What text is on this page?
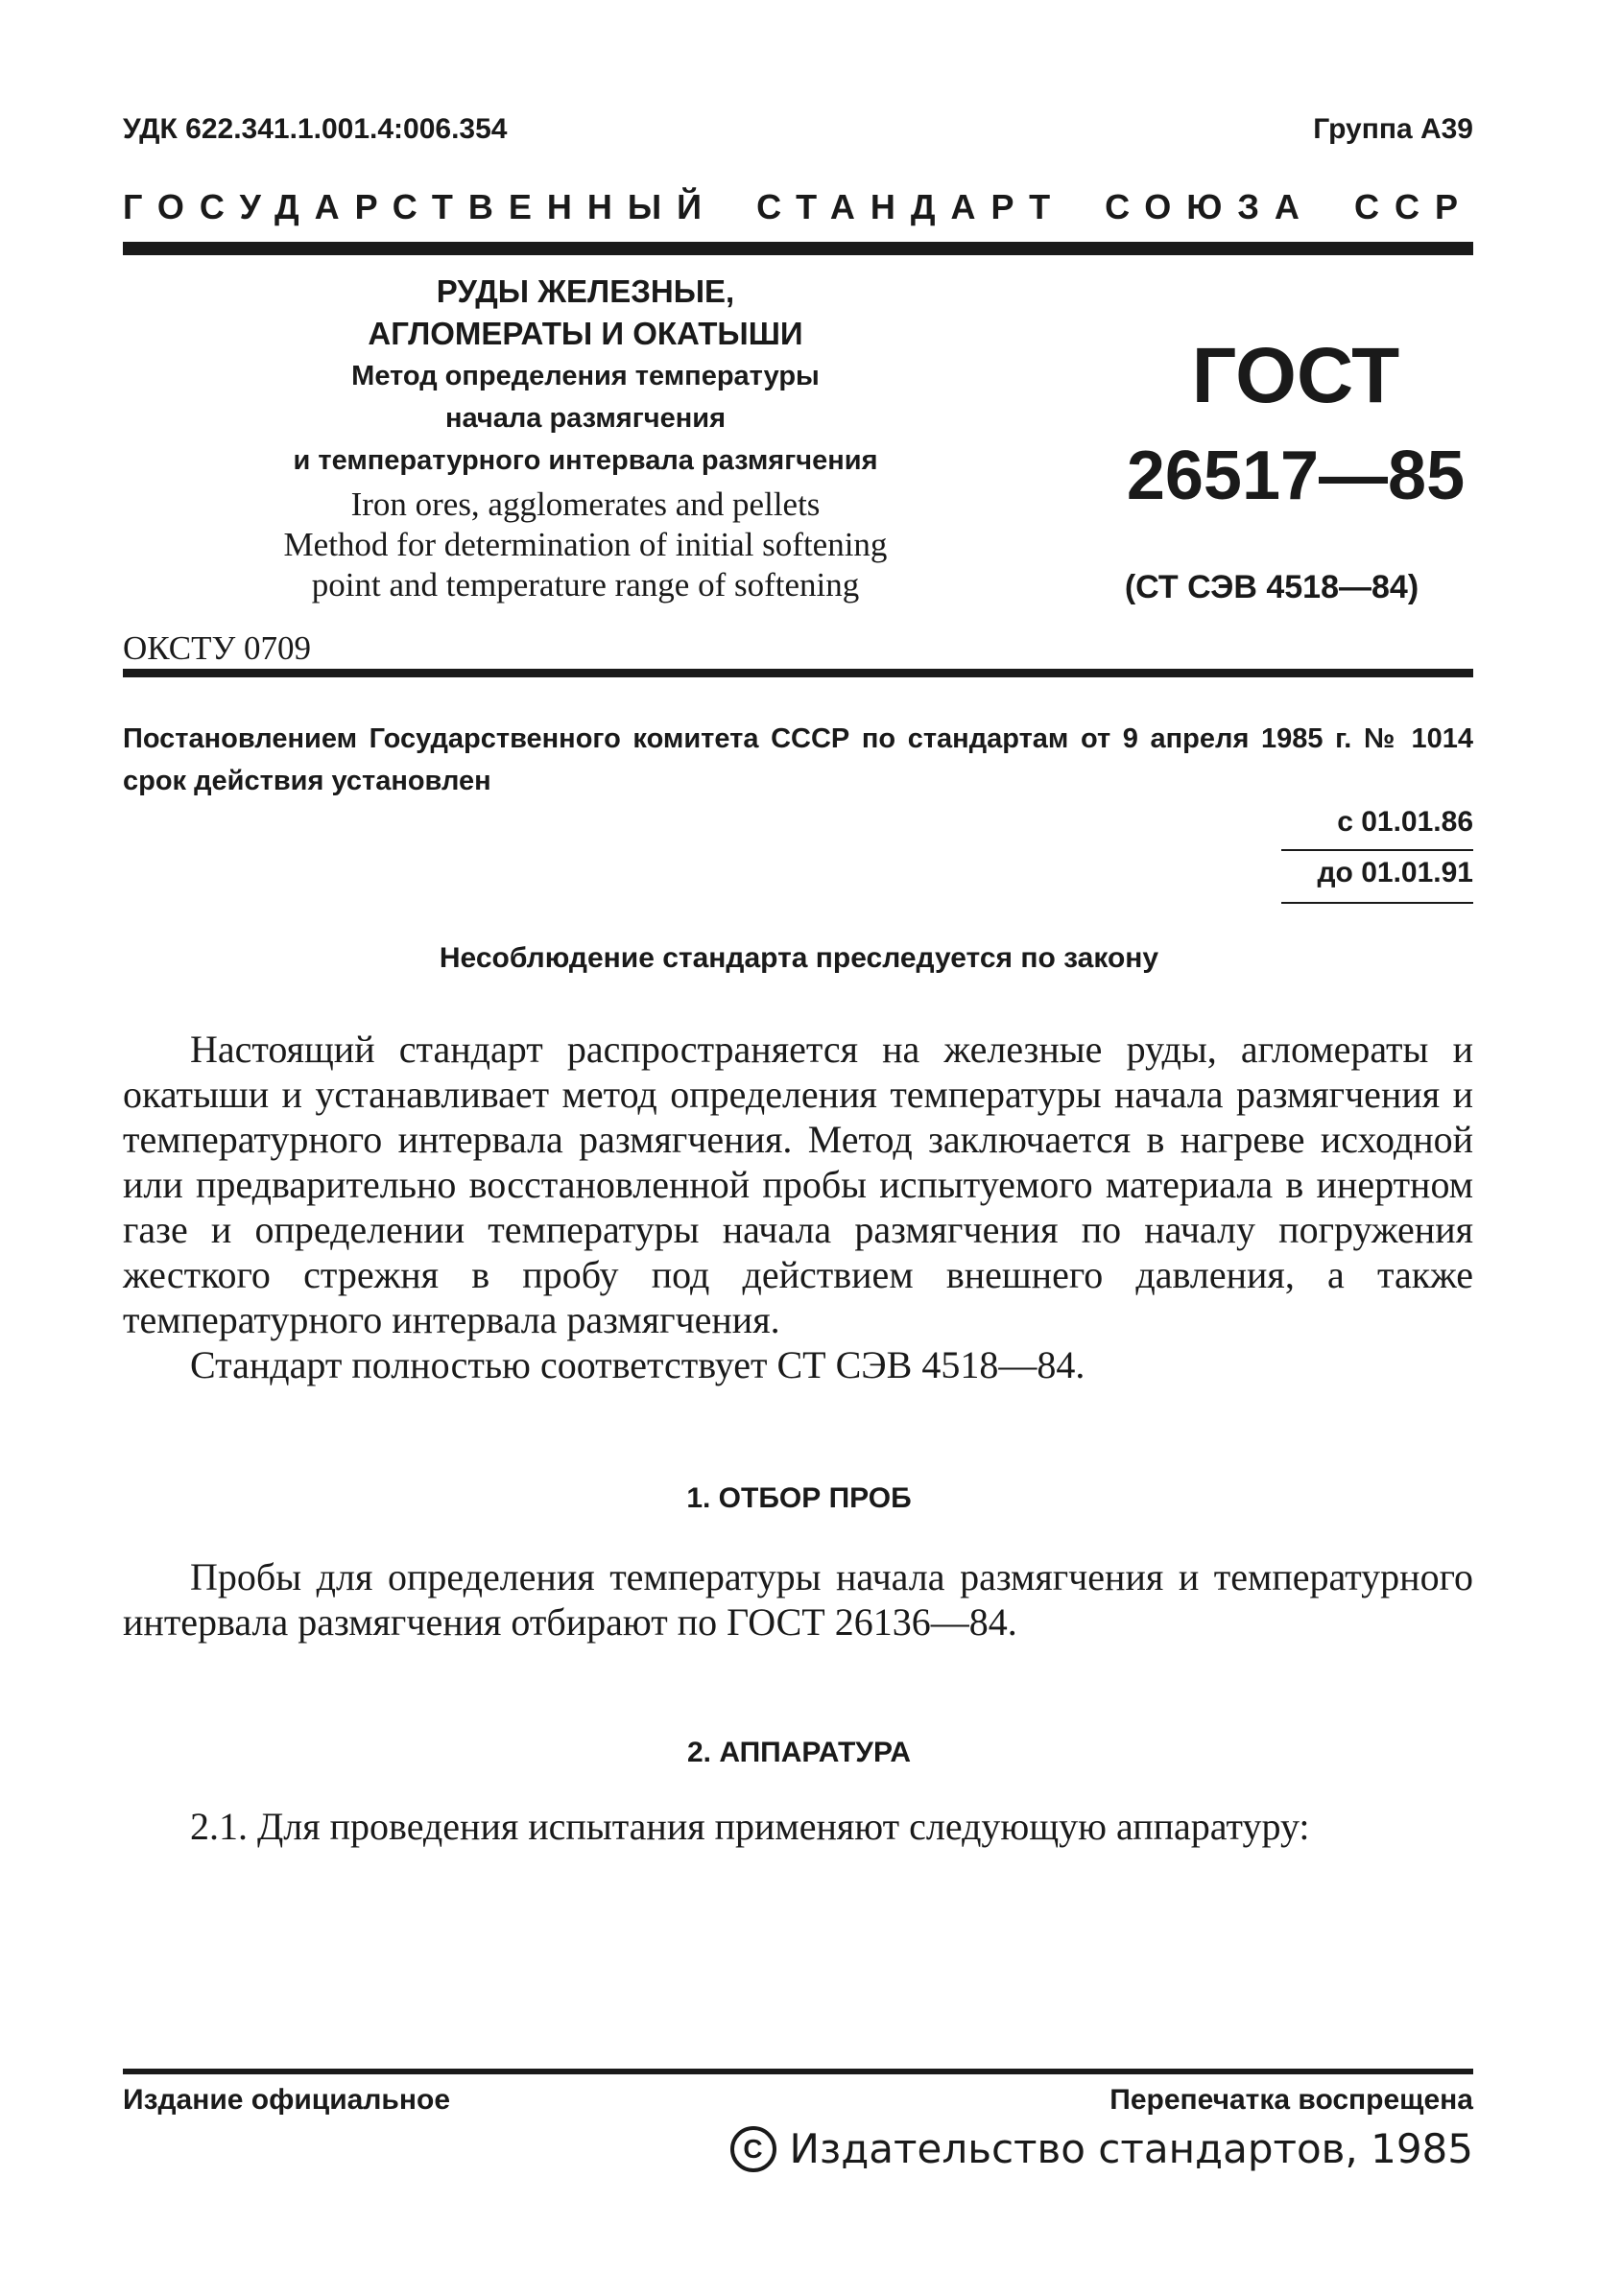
УДК 622.341.1.001.4:006.354	Группа А39
ГОСУДАРСТВЕННЫЙ СТАНДАРТ СОЮЗА ССР
РУДЫ ЖЕЛЕЗНЫЕ,
АГЛОМЕРАТЫ И ОКАТЫШИ
Метод определения температуры
начала размягчения
и температурного интервала размягчения
Iron ores, agglomerates and pellets
Method for determination of initial softening
point and temperature range of softening
ГОСТ
26517—85
(СТ СЭВ 4518—84)
ОКСТУ 0709
Постановлением Государственного комитета СССР по стандартам от 9 апреля 1985 г. № 1014 срок действия установлен
с 01.01.86
до 01.01.91
Несоблюдение стандарта преследуется по закону
Настоящий стандарт распространяется на железные руды, агломераты и окатыши и устанавливает метод определения температуры начала размягчения и температурного интервала размягчения. Метод заключается в нагреве исходной или предварительно восстановленной пробы испытуемого материала в инертном газе и определении температуры начала размягчения по началу погружения жесткого стрежня в пробу под действием внешнего давления, а также температурного интервала размягчения.
Стандарт полностью соответствует СТ СЭВ 4518—84.
1. ОТБОР ПРОБ
Пробы для определения температуры начала размягчения и температурного интервала размягчения отбирают по ГОСТ 26136—84.
2. АППАРАТУРА
2.1. Для проведения испытания применяют следующую аппаратуру:
Издание официальное	Перепечатка воспрещена
C Издательство стандартов, 1985
